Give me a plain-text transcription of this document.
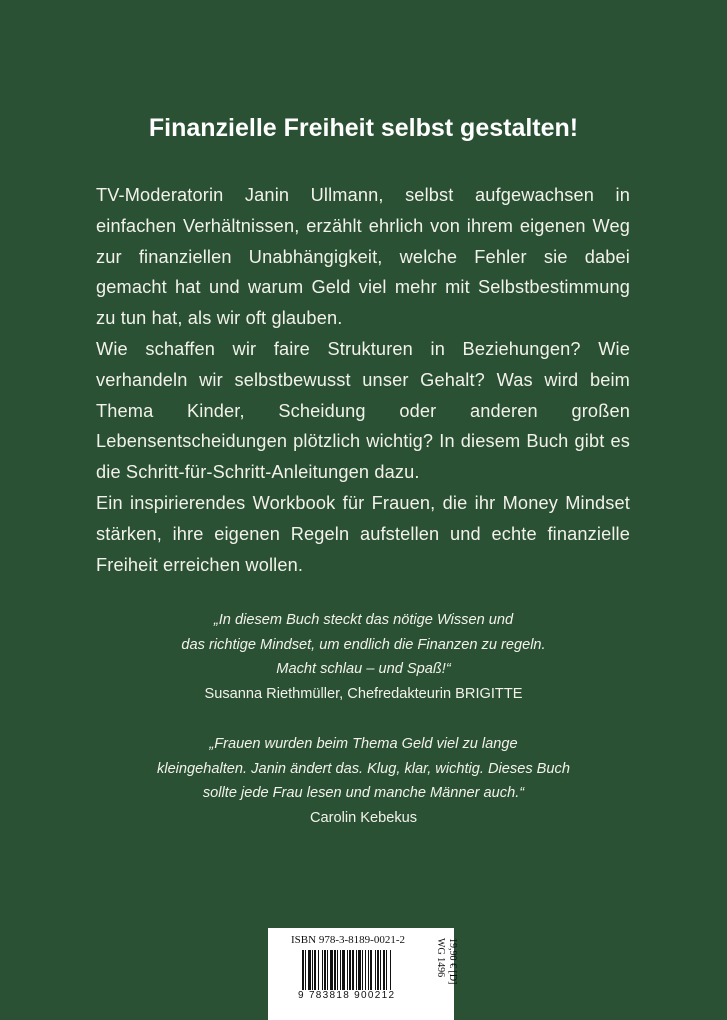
Finanzielle Freiheit selbst gestalten!

TV-Moderatorin Janin Ullmann, selbst aufgewachsen in einfachen Verhältnissen, erzählt ehrlich von ihrem eigenen Weg zur finanziellen Unabhängigkeit, welche Fehler sie dabei gemacht hat und warum Geld viel mehr mit Selbstbestimmung zu tun hat, als wir oft glauben.

Wie schaffen wir faire Strukturen in Beziehungen? Wie verhandeln wir selbstbewusst unser Gehalt? Was wird beim Thema Kinder, Scheidung oder anderen großen Lebensentscheidungen plötzlich wichtig? In diesem Buch gibt es die Schritt-für-Schritt-Anleitungen dazu.

Ein inspirierendes Workbook für Frauen, die ihr Money Mindset stärken, ihre eigenen Regeln aufstellen und echte finanzielle Freiheit erreichen wollen.

„In diesem Buch steckt das nötige Wissen und
das richtige Mindset, um endlich die Finanzen zu regeln.
Macht schlau – und Spaß!“
Susanna Riethmüller, Chefredakteurin BRIGITTE
„Frauen wurden beim Thema Geld viel zu lange
kleingehalten. Janin ändert das. Klug, klar, wichtig. Dieses Buch
sollte jede Frau lesen und manche Männer auch.“
Carolin Kebekus
ISBN 978-3-8189-0021-2
9 783818 900212
19,90 € [D]
WG 1496
